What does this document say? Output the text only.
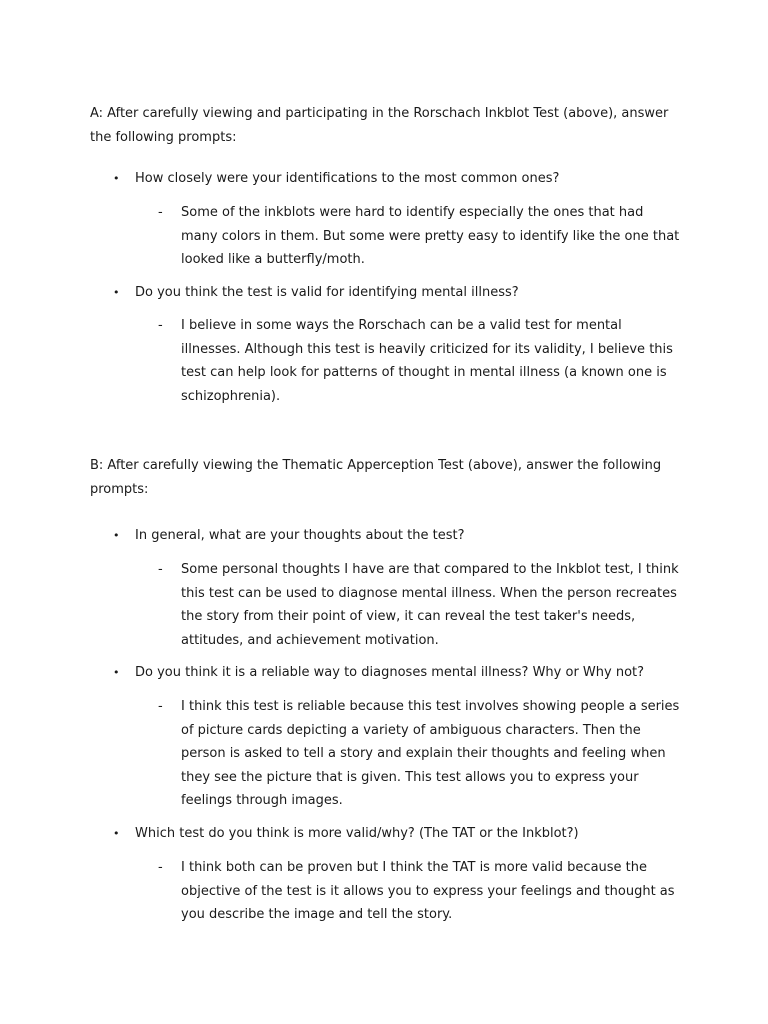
A: After carefully viewing and participating in the Rorschach Inkblot Test (above), answer the following prompts:
• How closely were your identifications to the most common ones?
- Some of the inkblots were hard to identify especially the ones that had many colors in them. But some were pretty easy to identify like the one that looked like a butterfly/moth.
• Do you think the test is valid for identifying mental illness?
- I believe in some ways the Rorschach can be a valid test for mental illnesses. Although this test is heavily criticized for its validity, I believe this test can help look for patterns of thought in mental illness (a known one is schizophrenia).
B: After carefully viewing the Thematic Apperception Test (above), answer the following prompts:
• In general, what are your thoughts about the test?
- Some personal thoughts I have are that compared to the Inkblot test, I think this test can be used to diagnose mental illness. When the person recreates the story from their point of view, it can reveal the test taker's needs, attitudes, and achievement motivation.
• Do you think it is a reliable way to diagnoses mental illness? Why or Why not?
- I think this test is reliable because this test involves showing people a series of picture cards depicting a variety of ambiguous characters. Then the person is asked to tell a story and explain their thoughts and feeling when they see the picture that is given. This test allows you to express your feelings through images.
• Which test do you think is more valid/why? (The TAT or the Inkblot?)
- I think both can be proven but I think the TAT is more valid because the objective of the test is it allows you to express your feelings and thought as you describe the image and tell the story.
